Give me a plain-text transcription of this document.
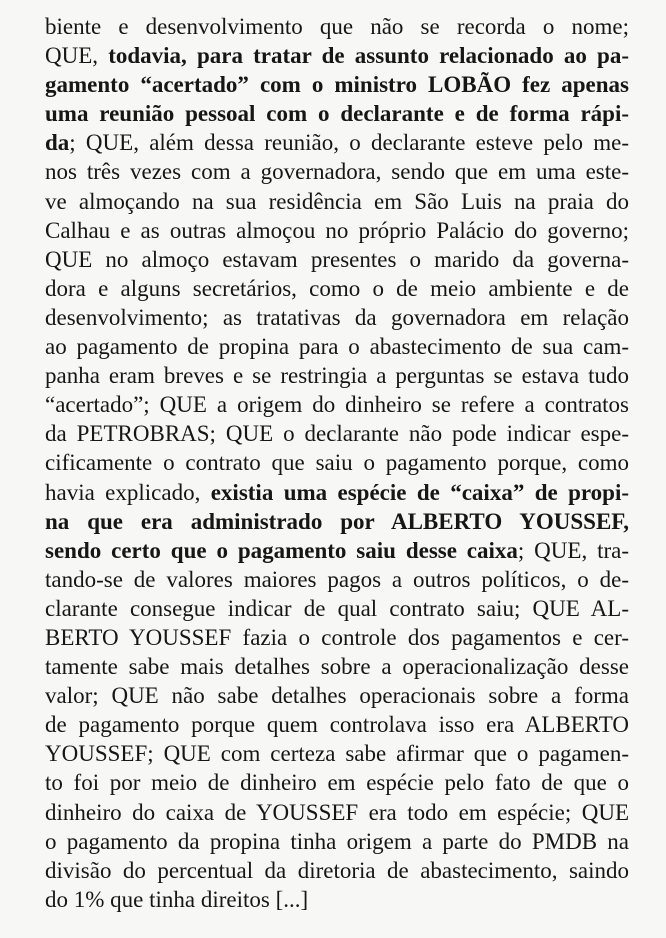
biente e desenvolvimento que não se recorda o nome;
QUE, todavia, para tratar de assunto relacionado ao pa-
gamento “acertado” com o ministro LOBÃO fez apenas
uma reunião pessoal com o declarante e de forma rápi-
da; QUE, além dessa reunião, o declarante esteve pelo me-
nos três vezes com a governadora, sendo que em uma este-
ve almoçando na sua residência em São Luis na praia do
Calhau e as outras almoçou no próprio Palácio do governo;
QUE no almoço estavam presentes o marido da governa-
dora e alguns secretários, como o de meio ambiente e de
desenvolvimento; as tratativas da governadora em relação
ao pagamento de propina para o abastecimento de sua cam-
panha eram breves e se restringia a perguntas se estava tudo
“acertado”; QUE a origem do dinheiro se refere a contratos
da PETROBRAS; QUE o declarante não pode indicar espe-
cificamente o contrato que saiu o pagamento porque, como
havia explicado, existia uma espécie de “caixa” de propi-
na que era administrado por ALBERTO YOUSSEF,
sendo certo que o pagamento saiu desse caixa; QUE, tra-
tando-se de valores maiores pagos a outros políticos, o de-
clarante consegue indicar de qual contrato saiu; QUE AL-
BERTO YOUSSEF fazia o controle dos pagamentos e cer-
tamente sabe mais detalhes sobre a operacionalização desse
valor; QUE não sabe detalhes operacionais sobre a forma
de pagamento porque quem controlava isso era ALBERTO
YOUSSEF; QUE com certeza sabe afirmar que o pagamen-
to foi por meio de dinheiro em espécie pelo fato de que o
dinheiro do caixa de YOUSSEF era todo em espécie; QUE
o pagamento da propina tinha origem a parte do PMDB na
divisão do percentual da diretoria de abastecimento, saindo
do 1% que tinha direitos [...]
